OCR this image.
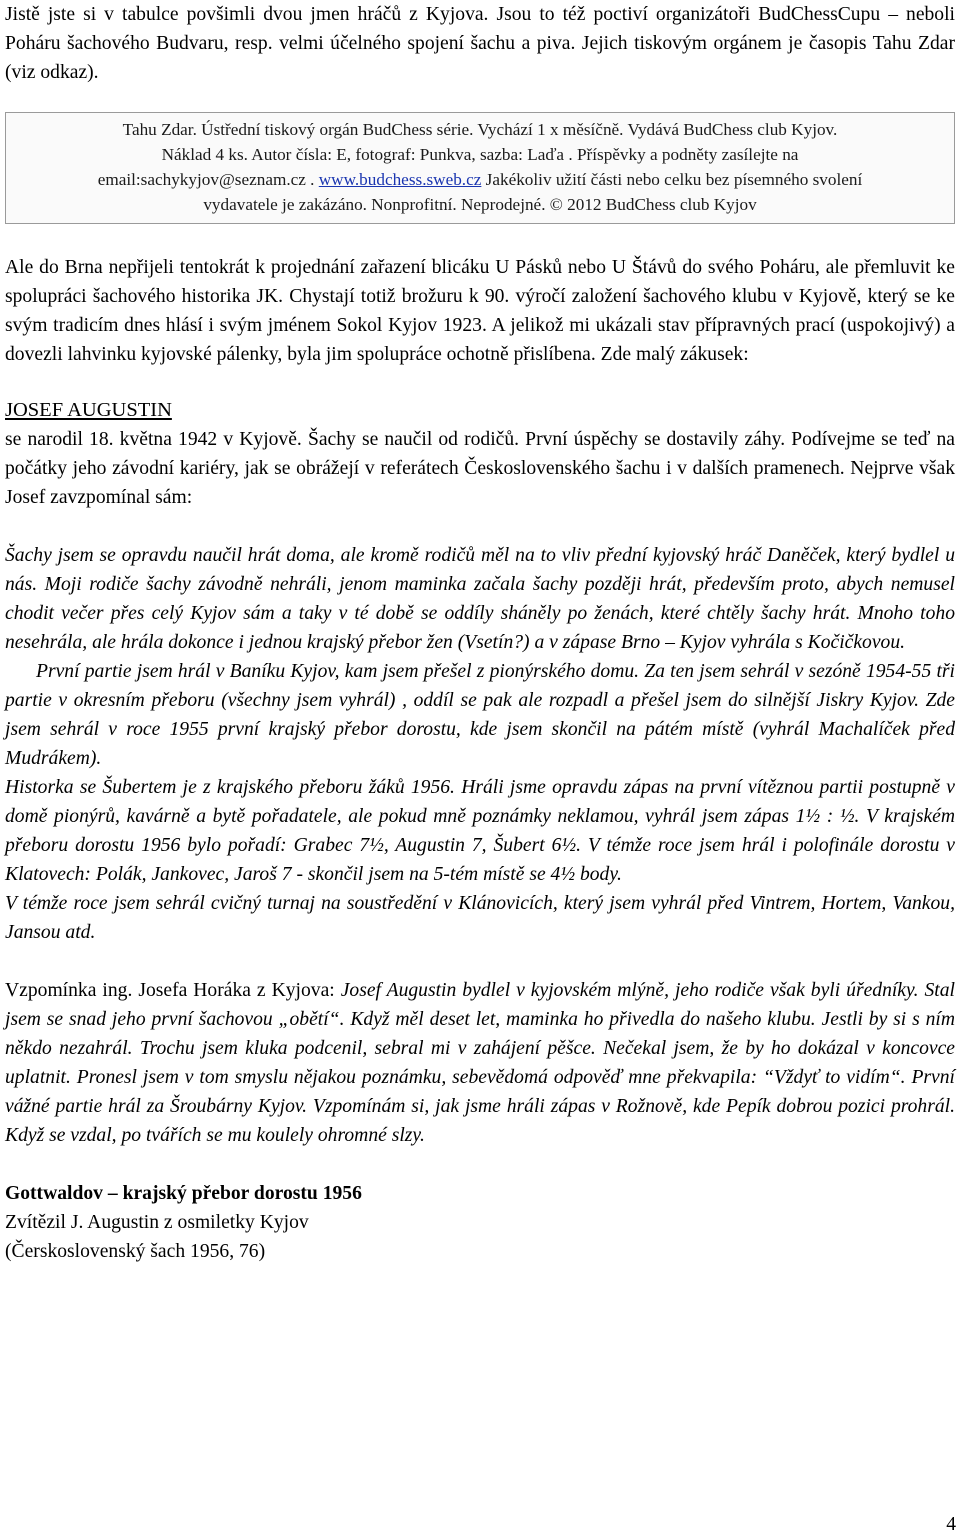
Jistě jste si v tabulce povšimli dvou jmen hráčů z Kyjova. Jsou to též poctiví organizátoři BudChessCupu – neboli Poháru šachového Budvaru, resp. velmi účelného spojení šachu a piva. Jejich tiskovým orgánem je časopis Tahu Zdar (viz odkaz).

Tahu Zdar. Ústřední tiskový orgán BudChess série. Vychází 1 x měsíčně. Vydává BudChess club Kyjov.
Náklad 4 ks. Autor čísla: E, fotograf: Punkva, sazba: Laďa . Příspěvky a podněty zasílejte na
email:sachykyjov@seznam.cz . www.budchess.sweb.cz Jakékoliv užití části nebo celku bez písemného svolení
vydavatele je zakázáno. Nonprofitní. Neprodejné. © 2012 BudChess club Kyjov

Ale do Brna nepřijeli tentokrát k projednání zařazení blicáku U Pásků nebo U Štávů do svého Poháru, ale přemluvit ke spolupráci šachového historika JK. Chystají totiž brožuru k 90. výročí založení šachového klubu v Kyjově, který se ke svým tradicím dnes hlásí i svým jménem Sokol Kyjov 1923. A jelikož mi ukázali stav přípravných prací (uspokojivý) a dovezli lahvinku kyjovské pálenky, byla jim spolupráce ochotně přislíbena. Zde malý zákusek:

JOSEF AUGUSTIN

se narodil 18. května 1942 v Kyjově. Šachy se naučil od rodičů. První úspěchy se dostavily záhy. Podívejme se teď na počátky jeho závodní kariéry, jak se obrážejí v referátech Československého šachu i v dalších pramenech. Nejprve však Josef zavzpomínal sám:

Šachy jsem se opravdu naučil hrát doma, ale kromě rodičů měl na to vliv přední kyjovský hráč Daněček, který bydlel u nás. Moji rodiče šachy závodně nehráli, jenom maminka začala šachy později hrát, především proto, abych nemusel chodit večer přes celý Kyjov sám a taky v té době se oddíly sháněly po ženách, které chtěly šachy hrát. Mnoho toho nesehrála, ale hrála dokonce i jednou krajský přebor žen (Vsetín?) a v zápase Brno – Kyjov vyhrála s Kočičkovou.

První partie jsem hrál v Baníku Kyjov, kam jsem přešel z pionýrského domu. Za ten jsem sehrál v sezóně 1954-55 tři partie v okresním přeboru (všechny jsem vyhrál) , oddíl se pak ale rozpadl a přešel jsem do silnější Jiskry Kyjov. Zde jsem sehrál v roce 1955 první krajský přebor dorostu, kde jsem skončil na pátém místě (vyhrál Machalíček před Mudrákem).

Historka se Šubertem je z krajského přeboru žáků 1956. Hráli jsme opravdu zápas na první vítěznou partii postupně v domě pionýrů, kavárně a bytě pořadatele, ale pokud mně poznámky neklamou, vyhrál jsem zápas 1½ : ½. V krajském přeboru dorostu 1956 bylo pořadí: Grabec 7½, Augustin 7, Šubert 6½. V témže roce jsem hrál i polofinále dorostu v Klatovech: Polák, Jankovec, Jaroš 7 - skončil jsem na 5-tém místě se 4½ body.

V témže roce jsem sehrál cvičný turnaj na soustředění v Klánovicích, který jsem vyhrál před Vintrem, Hortem, Vankou, Jansou atd.

Vzpomínka ing. Josefa Horáka z Kyjova: Josef Augustin bydlel v kyjovském mlýně, jeho rodiče však byli úředníky. Stal jsem se snad jeho první šachovou „obětí“. Když měl deset let, maminka ho přivedla do našeho klubu. Jestli by si s ním někdo nezahrál. Trochu jsem kluka podcenil, sebral mi v zahájení pěšce. Nečekal jsem, že by ho dokázal v koncovce uplatnit. Pronesl jsem v tom smyslu nějakou poznámku, sebevědomá odpověď mne překvapila: “Vždyť to vidím“. První vážné partie hrál za Šroubárny Kyjov. Vzpomínám si, jak jsme hráli zápas v Rožnově, kde Pepík dobrou pozici prohrál. Když se vzdal, po tvářích se mu koulely ohromné slzy.

Gottwaldov – krajský přebor dorostu 1956
Zvítězil J. Augustin z osmiletky Kyjov
(Čerskoslovenský šach 1956, 76)
4
